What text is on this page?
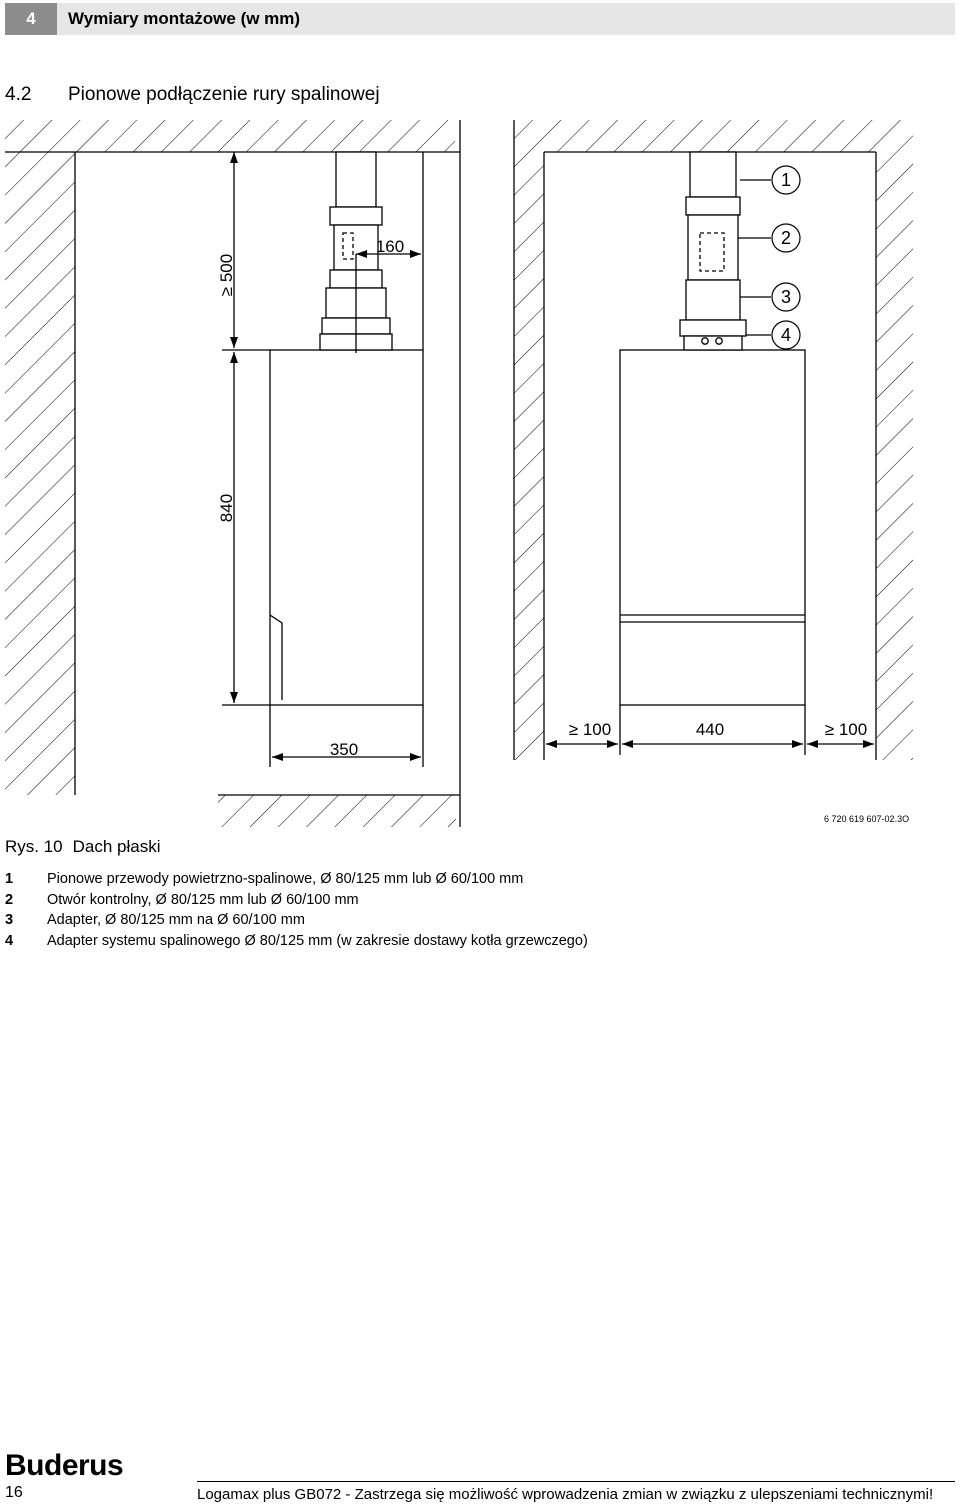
4	Wymiary montażowe (w mm)
4.2 Pionowe podłączenie rury spalinowej
≥ 500
840
160
350
≥ 100	440	≥ 100
1
2
3
4
6 720 619 607-02.3O
Rys. 10 Dach płaski
1 Pionowe przewody powietrzno-spalinowe, Ø 80/125 mm lub Ø 60/100 mm
2 Otwór kontrolny, Ø 80/125 mm lub Ø 60/100 mm
3 Adapter, Ø 80/125 mm na Ø 60/100 mm
4 Adapter systemu spalinowego Ø 80/125 mm (w zakresie dostawy kotła grzewczego)
Buderus
16	Logamax plus GB072 - Zastrzega się możliwość wprowadzenia zmian w związku z ulepszeniami technicznymi!
